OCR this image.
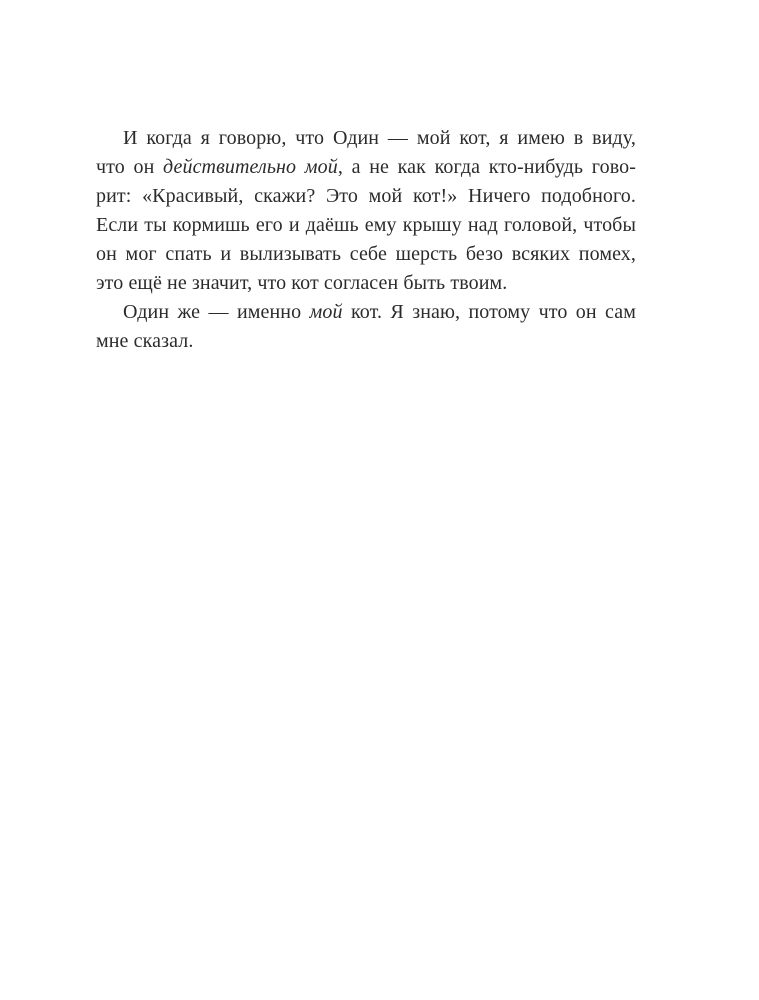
И когда я говорю, что Один — мой кот, я имею в виду,
что он действительно мой, а не как когда кто-нибудь гово-
рит: «Красивый, скажи? Это мой кот!» Ничего подобного.
Если ты кормишь его и даёшь ему крышу над головой, чтобы
он мог спать и вылизывать себе шерсть безо всяких помех,
это ещё не значит, что кот согласен быть твоим.

Один же — именно мой кот. Я знаю, потому что он сам
мне сказал.
